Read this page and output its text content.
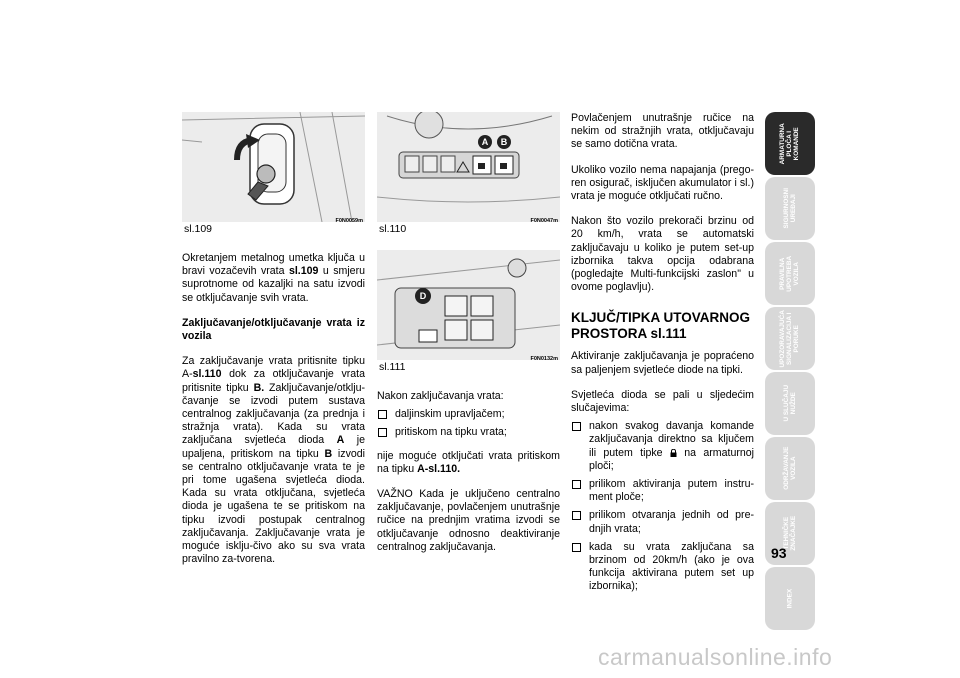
sl.109
F0N0059m

Okretanjem metalnog umetka ključa u bravi vozačevih vrata sl.109 u smjeru suprotnome od kazaljki na satu izvodi se otključavanje svih vrata.

Zaključavanje/otključavanje vrata iz vozila

Za zaključavanje vrata pritisnite tipku A-sl.110 dok za otključavanje vrata pritisnite tipku B. Zaključavanje/otklju-čavanje se izvodi putem sustava centralnog zaključavanja (za prednja i stražnja vrata). Kada su vrata zaključana svjetleća dioda A je upaljena, pritiskom na tipku B izvodi se centralno otključavanje vrata te je pri tome ugašena svjetleća dioda. Kada su vrata otključana, svjetleća dioda je ugašena te se pritiskom na tipku izvodi postupak centralnog zaključavanja. Zaključavanje vrata je moguće isklju-čivo ako su sva vrata pravilno za-tvorena.

A B
sl.110
F0N0047m
D
sl.111
F0N0132m

Nakon zaključavanja vrata:

daljinskim upravljačem;
pritiskom na tipku vrata;

nije moguće otključati vrata pritiskom na tipku A-sl.110.

VAŽNO Kada je uključeno centralno zaključavanje, povlačenjem unutrašnje ručice na prednjim vratima izvodi se otključavanje odnosno deaktiviranje centralnog zaključavanja.

Povlačenjem unutrašnje ručice na nekim od stražnjih vrata, otključavaju se samo dotična vrata.

Ukoliko vozilo nema napajanja (prego-ren osigurač, isključen akumulator i sl.) vrata je moguće otključati ručno.

Nakon što vozilo prekorači brzinu od 20 km/h, vrata se automatski zaključavaju u koliko je putem set-up izbornika takva opcija odabrana (pogledajte Multi-funkcijski zaslon" u ovome poglavlju).

KLJUČ/TIPKA UTOVARNOG PROSTORA sl.111

Aktiviranje zaključavanja je popraćeno sa paljenjem svjetleće diode na tipki.

Svjetleća dioda se pali u sljedećim slučajevima:

nakon svakog davanja komande zaključavanja direktno sa ključem ili putem tipke  na armaturnoj ploči;
prilikom aktiviranja putem instru-ment ploče;
prilikom otvaranja jednih od pre-dnjih vrata;
kada su vrata zaključana sa brzinom od 20km/h (ako je ova funkcija aktivirana putem set up izbornika);
ARMATURNA
PLOČA I
KOMANDE
SIGURNOSNI
UREĐAJI
PRAVILNA
UPOTREBA
VOZILA
UPOZORAVAJUĆA
SIGNALIZACIJA I
PORUKE
U SLUČAJU
NUŽDE
ODRŽAVANJE
VOZILA
TEHNIČKE
ZNAČAJKE
INDEX
93
carmanualsonline.info
